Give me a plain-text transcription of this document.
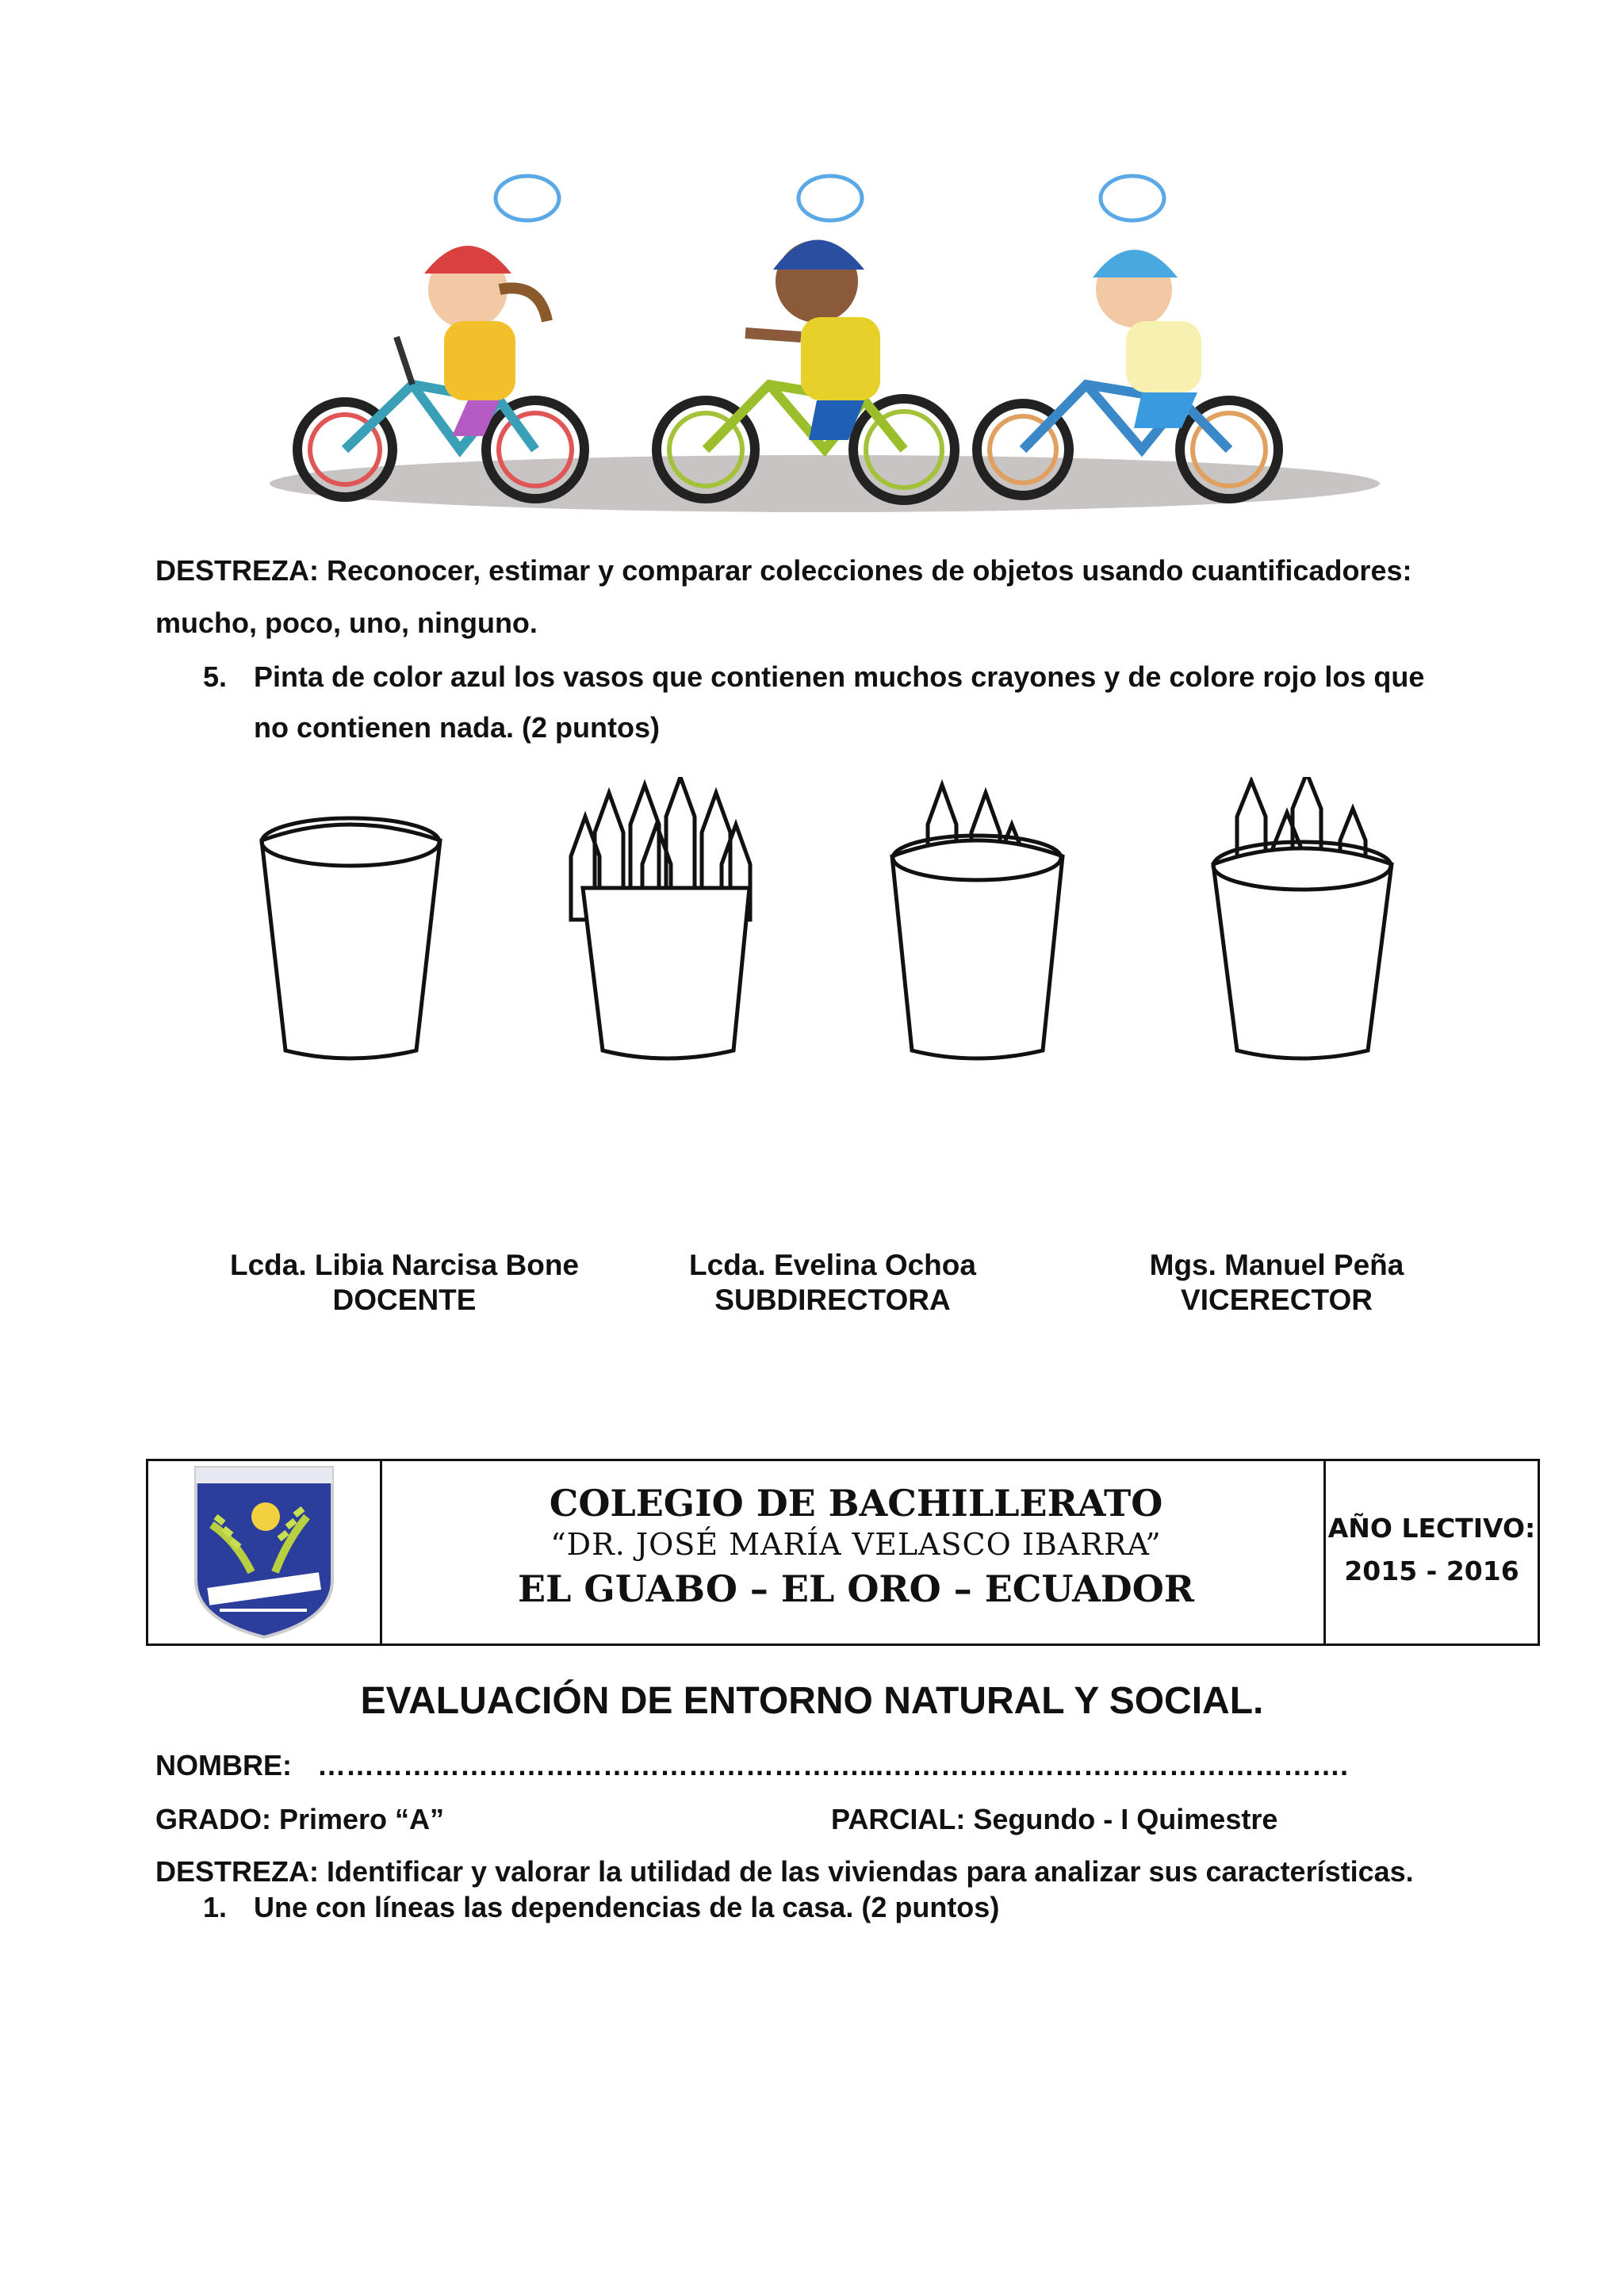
DESTREZA: Reconocer, estimar y comparar colecciones de objetos usando cuantificadores:
mucho, poco, uno, ninguno.
5. Pinta de color azul los vasos que contienen muchos crayones y de colore rojo los que
no contienen nada. (2 puntos)
Lcda. Libia Narcisa Bone
DOCENTE
Lcda. Evelina Ochoa
SUBDIRECTORA
Mgs. Manuel Peña
VICERECTOR
COLEGIO DE BACHILLERATO
“DR. JOSÉ MARÍA VELASCO IBARRA”
EL GUABO – EL ORO – ECUADOR
AÑO LECTIVO:
2015 - 2016
EVALUACIÓN DE ENTORNO NATURAL Y SOCIAL.
NOMBRE: …………………………………………………...………………………………………….
GRADO: Primero “A”	PARCIAL: Segundo - I Quimestre
DESTREZA: Identificar y valorar la utilidad de las viviendas para analizar sus características.
1. Une con líneas las dependencias de la casa. (2 puntos)
